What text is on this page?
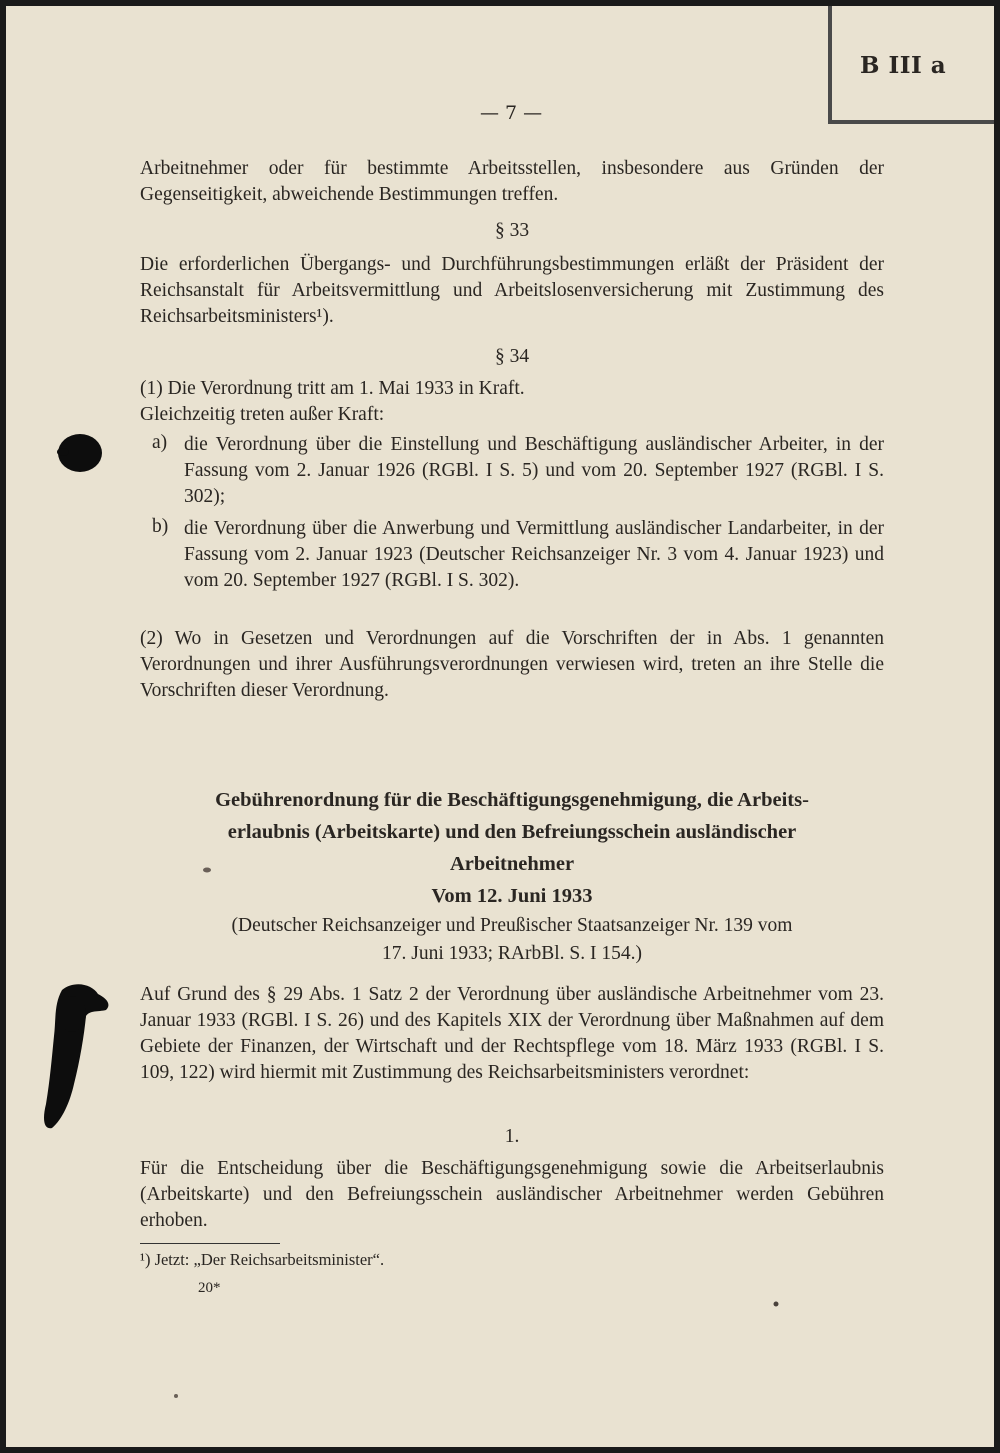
B III a
— 7 —
Arbeitnehmer oder für bestimmte Arbeitsstellen, insbesondere aus Gründen der Gegenseitigkeit, abweichende Bestimmungen treffen.
§ 33
Die erforderlichen Übergangs- und Durchführungsbestimmungen erläßt der Präsident der Reichsanstalt für Arbeitsvermittlung und Arbeitslosenversicherung mit Zustimmung des Reichsarbeitsministers¹).
§ 34
(1) Die Verordnung tritt am 1. Mai 1933 in Kraft.
Gleichzeitig treten außer Kraft:
a) die Verordnung über die Einstellung und Beschäftigung ausländischer Arbeiter, in der Fassung vom 2. Januar 1926 (RGBl. I S. 5) und vom 20. September 1927 (RGBl. I S. 302);
b) die Verordnung über die Anwerbung und Vermittlung ausländischer Landarbeiter, in der Fassung vom 2. Januar 1923 (Deutscher Reichsanzeiger Nr. 3 vom 4. Januar 1923) und vom 20. September 1927 (RGBl. I S. 302).
(2) Wo in Gesetzen und Verordnungen auf die Vorschriften der in Abs. 1 genannten Verordnungen und ihrer Ausführungsverordnungen verwiesen wird, treten an ihre Stelle die Vorschriften dieser Verordnung.
Gebührenordnung für die Beschäftigungsgenehmigung, die Arbeits-
erlaubnis (Arbeitskarte) und den Befreiungsschein ausländischer
Arbeitnehmer
Vom 12. Juni 1933
(Deutscher Reichsanzeiger und Preußischer Staatsanzeiger Nr. 139 vom
17. Juni 1933; RArbBl. S. I 154.)
Auf Grund des § 29 Abs. 1 Satz 2 der Verordnung über ausländische Arbeitnehmer vom 23. Januar 1933 (RGBl. I S. 26) und des Kapitels XIX der Verordnung über Maßnahmen auf dem Gebiete der Finanzen, der Wirtschaft und der Rechtspflege vom 18. März 1933 (RGBl. I S. 109, 122) wird hiermit mit Zustimmung des Reichsarbeitsministers verordnet:
1.
Für die Entscheidung über die Beschäftigungsgenehmigung sowie die Arbeitserlaubnis (Arbeitskarte) und den Befreiungsschein ausländischer Arbeitnehmer werden Gebühren erhoben.
¹) Jetzt: „Der Reichsarbeitsminister“.
20*
